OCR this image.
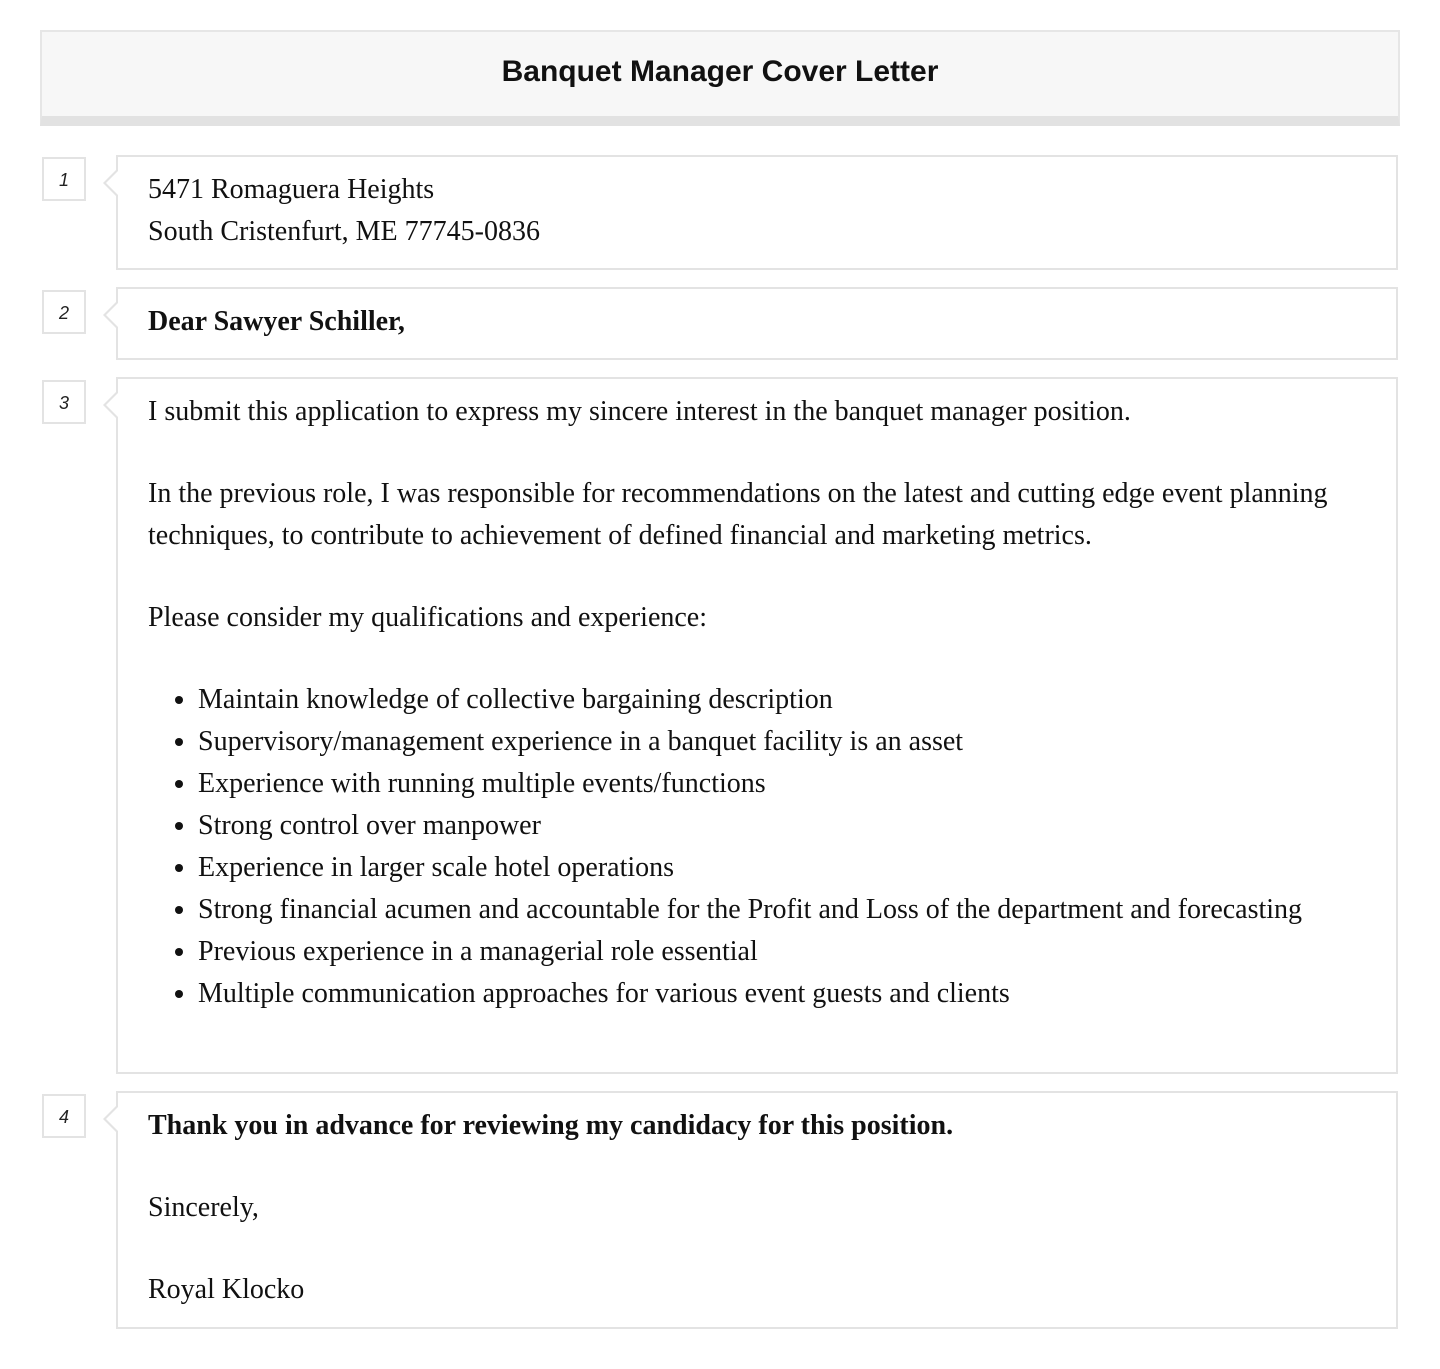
Banquet Manager Cover Letter
1	5471 Romaguera Heights

South Cristenfurt, ME 77745-0836

2	Dear Sawyer Schiller,

3	I submit this application to express my sincere interest in the banquet manager position.

In the previous role, I was responsible for recommendations on the latest and cutting edge event planning techniques, to contribute to achievement of defined financial and marketing metrics.

Please consider my qualifications and experience:

• Maintain knowledge of collective bargaining description
• Supervisory/management experience in a banquet facility is an asset
• Experience with running multiple events/functions
• Strong control over manpower
• Experience in larger scale hotel operations
• Strong financial acumen and accountable for the Profit and Loss of the department and forecasting
• Previous experience in a managerial role essential
• Multiple communication approaches for various event guests and clients
4	Thank you in advance for reviewing my candidacy for this position.

Sincerely,

Royal Klocko
